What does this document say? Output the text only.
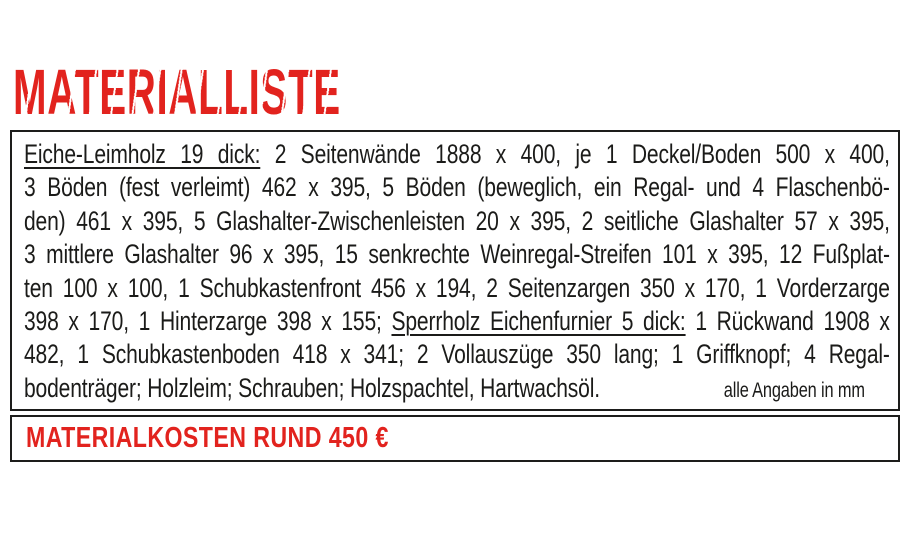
MATERIALLISTE
Eiche-Leimholz 19 dick: 2 Seitenwände 1888 x 400, je 1 Deckel/Boden 500 x 400,
3 Böden (fest verleimt) 462 x 395, 5 Böden (beweglich, ein Regal- und 4 Flaschenbö-
den) 461 x 395, 5 Glashalter-Zwischenleisten 20 x 395, 2 seitliche Glashalter 57 x 395,
3 mittlere Glashalter 96 x 395, 15 senkrechte Weinregal-Streifen 101 x 395, 12 Fußplat-
ten 100 x 100, 1 Schubkastenfront 456 x 194, 2 Seitenzargen 350 x 170, 1 Vorderzarge
398 x 170, 1 Hinterzarge 398 x 155; Sperrholz Eichenfurnier 5 dick: 1 Rückwand 1908 x
482, 1 Schubkastenboden 418 x 341; 2 Vollauszüge 350 lang; 1 Griffknopf; 4 Regal-
bodenträger; Holzleim; Schrauben; Holzspachtel, Hartwachsöl.	alle Angaben in mm
MATERIALKOSTEN RUND 450 €
